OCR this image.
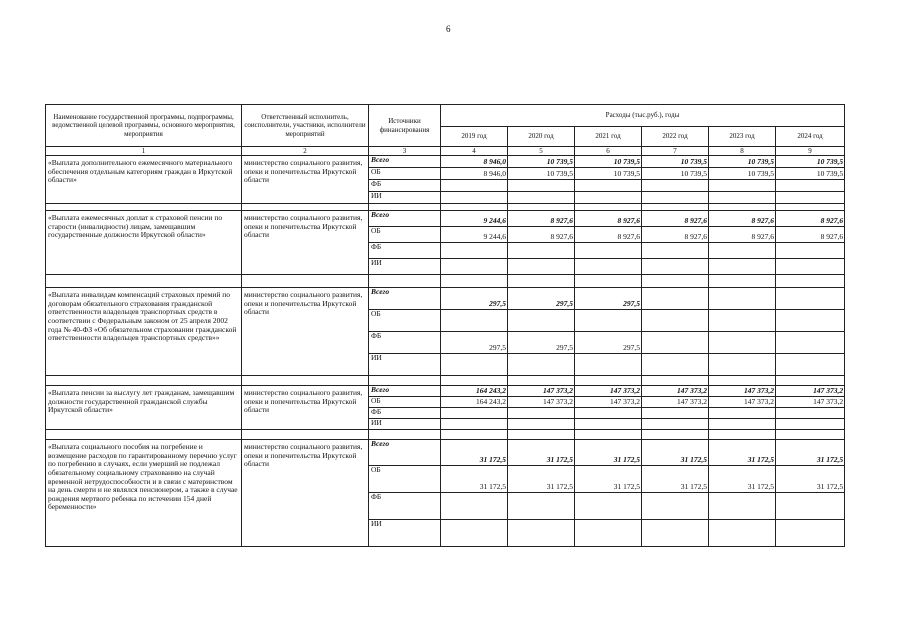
6
Наименование государственной программы, подпрограммы, ведомственной целевой программы, основного мероприятия, мероприятия	Ответственный исполнитель, соисполнители, участники, исполнители мероприятий	Источники финансирования	Расходы (тыс.руб.), годы					
			2019 год	2020 год	2021 год	2022 год	2023 год	2024 год
1	2	3	4	5	6	7	8	9
«Выплата дополнительного ежемесячного материального обеспечения отдельным категориям граждан в Иркутской области»	министерство социального развития, опеки и попечительства Иркутской области	Всего	8 946,0	10 739,5	10 739,5	10 739,5	10 739,5	10 739,5
		ОБ	8 946,0	10 739,5	10 739,5	10 739,5	10 739,5	10 739,5
		ФБ						
		ИИ						

«Выплата ежемесячных доплат к страховой пенсии по старости (инвалидности) лицам, замещавшим государственные должности Иркутской области»	министерство социального развития, опеки и попечительства Иркутской области	Всего	9 244,6	8 927,6	8 927,6	8 927,6	8 927,6	8 927,6
		ОБ	9 244,6	8 927,6	8 927,6	8 927,6	8 927,6	8 927,6
		ФБ						
		ИИ						

«Выплата инвалидам компенсаций страховых премий по договорам обязательного страхования гражданской ответственности владельцев транспортных средств в соответствии с Федеральным законом от 25 апреля 2002 года № 40-ФЗ «Об обязательном страховании гражданской ответственности владельцев транспортных средств»»	министерство социального развития, опеки и попечительства Иркутской области	Всего	297,5	297,5	297,5			
		ОБ						
		ФБ	297,5	297,5	297,5			
		ИИ						

«Выплата пенсии за выслугу лет гражданам, замещавшим должности государственной гражданской службы Иркутской области»	министерство социального развития, опеки и попечительства Иркутской области	Всего	164 243,2	147 373,2	147 373,2	147 373,2	147 373,2	147 373,2
		ОБ	164 243,2	147 373,2	147 373,2	147 373,2	147 373,2	147 373,2
		ФБ						
		ИИ						

«Выплата социального пособия на погребение и возмещение расходов по гарантированному перечню услуг по погребению в случаях, если умерший не подлежал обязательному социальному страхованию на случай временной нетрудоспособности и в связи с материнством на день смерти и не являлся пенсионером, а также в случае рождения мертвого ребенка по истечении 154 дней беременности»	министерство социального развития, опеки и попечительства Иркутской области	Всего	31 172,5	31 172,5	31 172,5	31 172,5	31 172,5	31 172,5
		ОБ	31 172,5	31 172,5	31 172,5	31 172,5	31 172,5	31 172,5
		ФБ						
		ИИ						
